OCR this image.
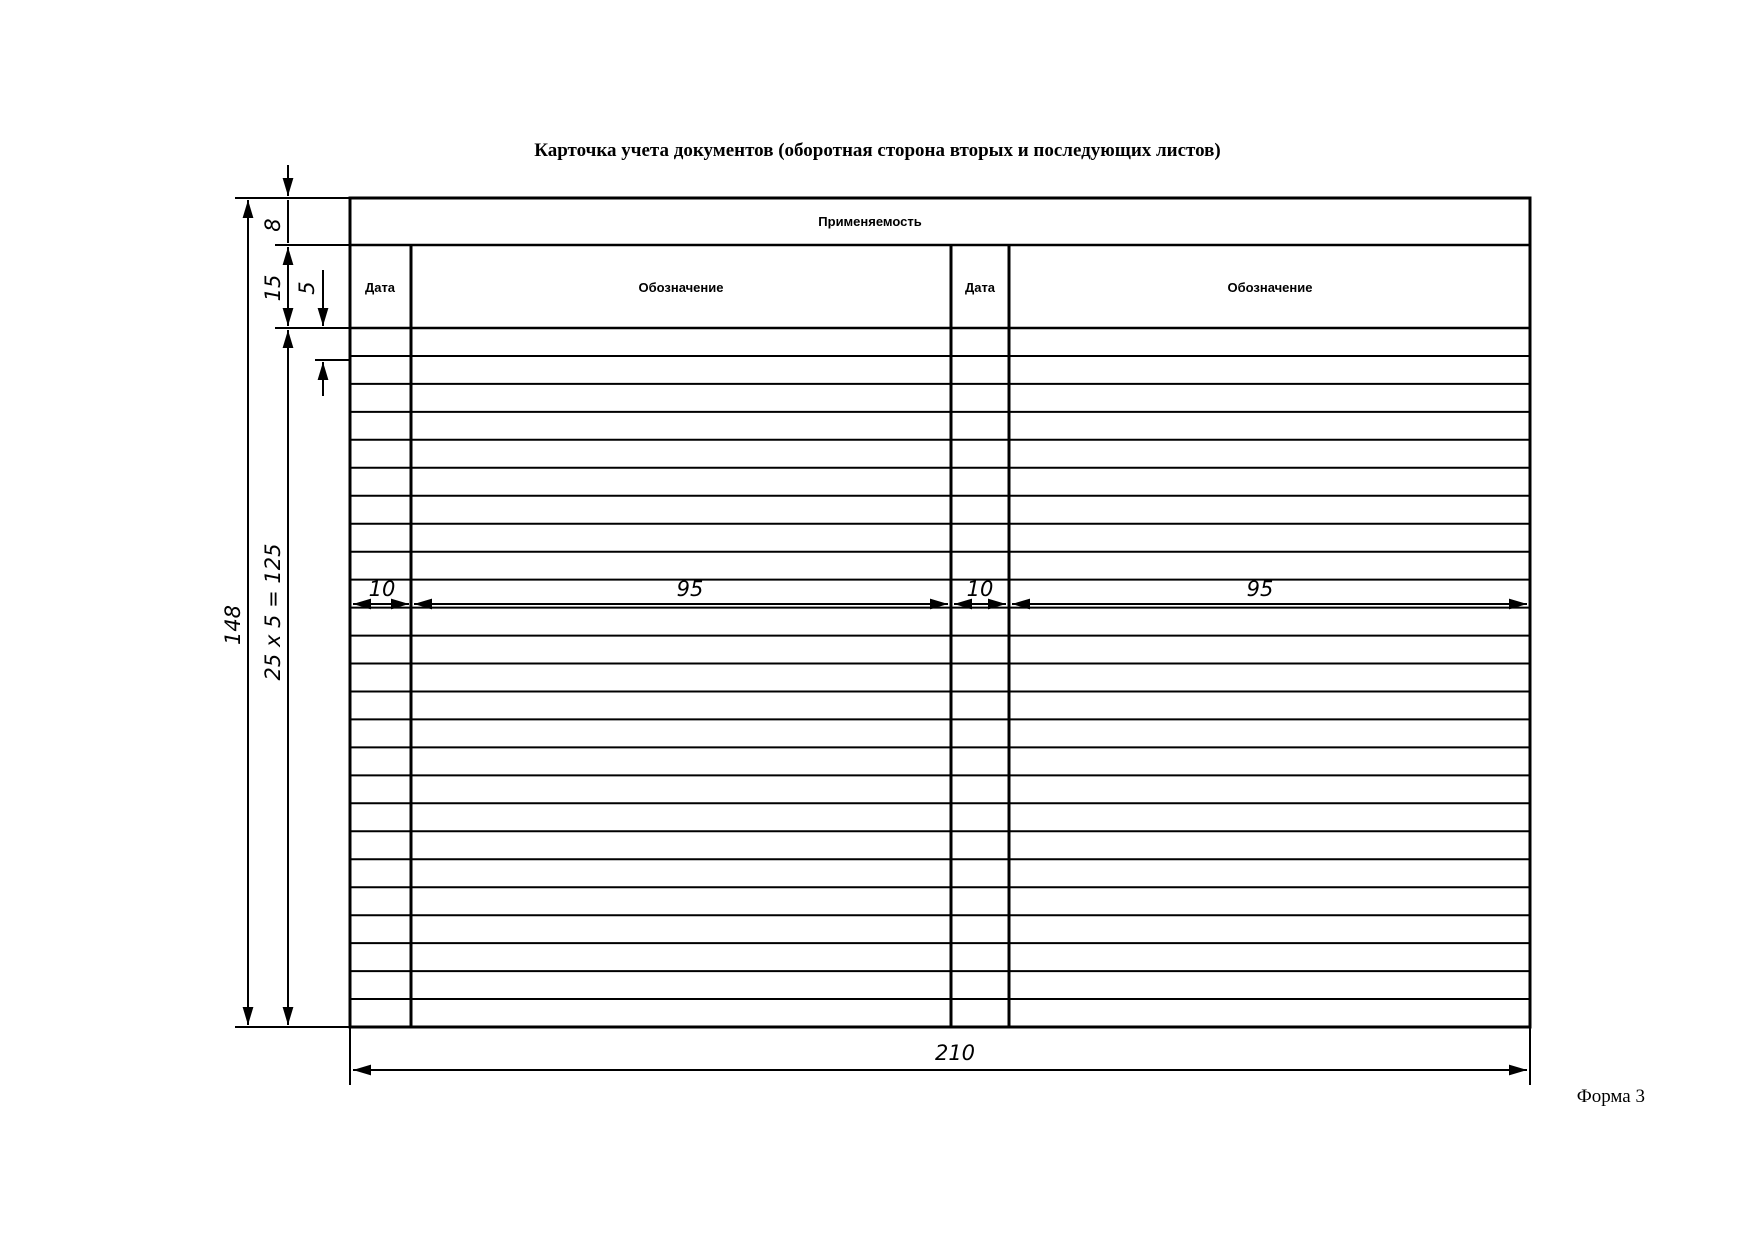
Карточка учета документов (оборотная сторона вторых и последующих листов)
Применяемость
Дата	Обозначение	Дата	Обозначение
148
8
15 5
25 х 5 = 125	10	95	10	95
210
Форма 3
